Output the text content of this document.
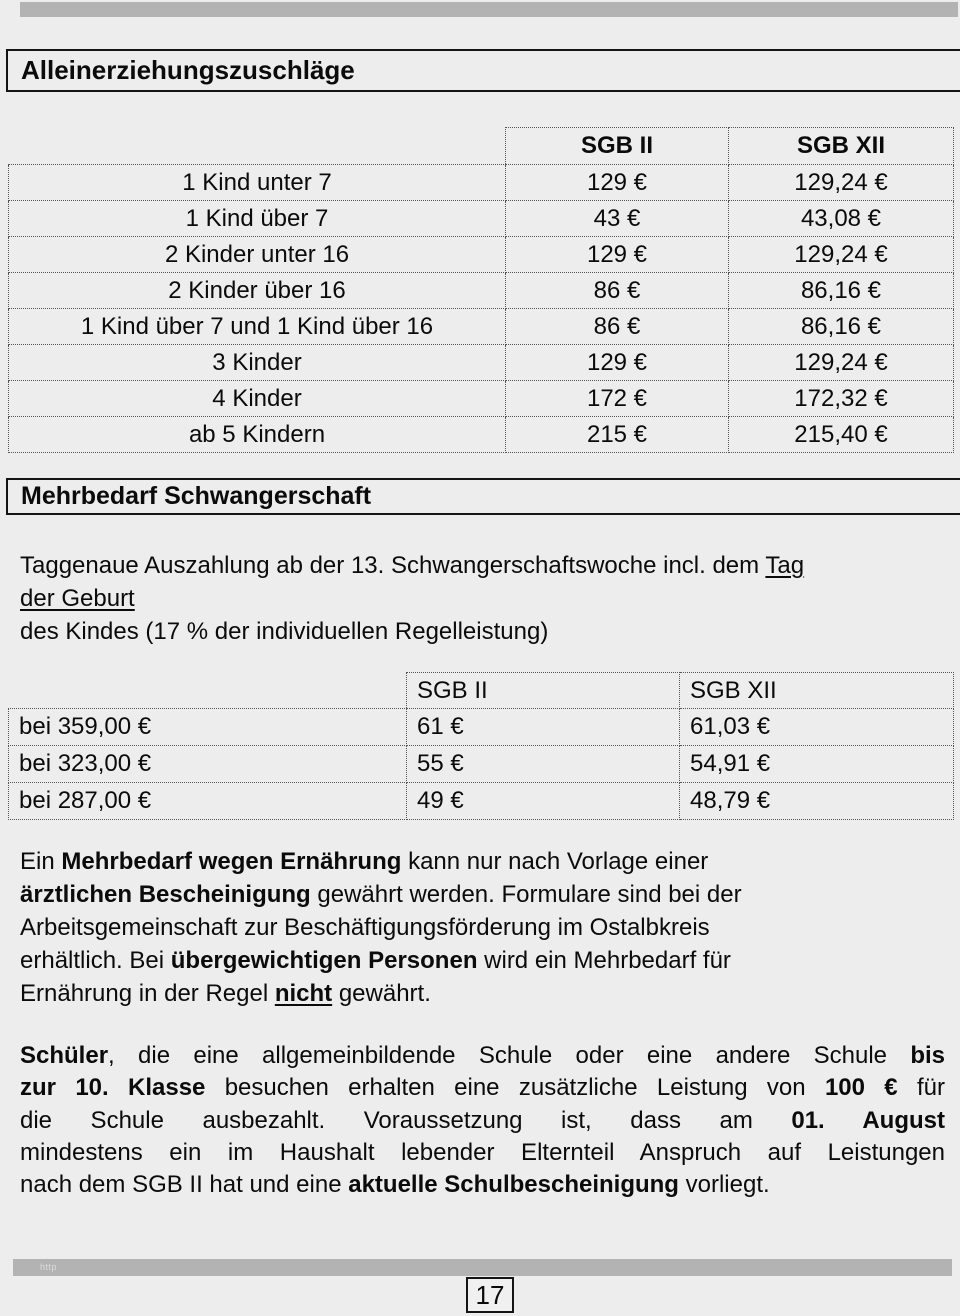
Alleinerziehungszuschläge
	SGB II	SGB XII
1 Kind unter 7	129 €	129,24 €
1 Kind über 7	43 €	43,08 €
2 Kinder unter 16	129 €	129,24 €
2 Kinder über 16	86 €	86,16 €
1 Kind über 7 und 1 Kind über 16	86 €	86,16 €
3 Kinder	129 €	129,24 €
4 Kinder	172 €	172,32 €
ab 5 Kindern	215 €	215,40 €
Mehrbedarf Schwangerschaft
Taggenaue Auszahlung ab der 13. Schwangerschaftswoche incl. dem Tag
der Geburt
des Kindes (17 % der individuellen Regelleistung)
	SGB II	SGB XII
bei 359,00 €	61 €	61,03 €
bei 323,00 €	55 €	54,91 €
bei 287,00 €	49 €	48,79 €
Ein Mehrbedarf wegen Ernährung kann nur nach Vorlage einer
ärztlichen Bescheinigung gewährt werden. Formulare sind bei der
Arbeitsgemeinschaft zur Beschäftigungsförderung im Ostalbkreis
erhältlich. Bei übergewichtigen Personen wird ein Mehrbedarf für
Ernährung in der Regel nicht gewährt.
Schüler, die eine allgemeinbildende Schule oder eine andere Schule bis
zur 10. Klasse besuchen erhalten eine zusätzliche Leistung von 100 € für
die Schule ausbezahlt. Voraussetzung ist, dass am 01. August
mindestens ein im Haushalt lebender Elternteil Anspruch auf Leistungen
nach dem SGB II hat und eine aktuelle Schulbescheinigung vorliegt.
http
17
